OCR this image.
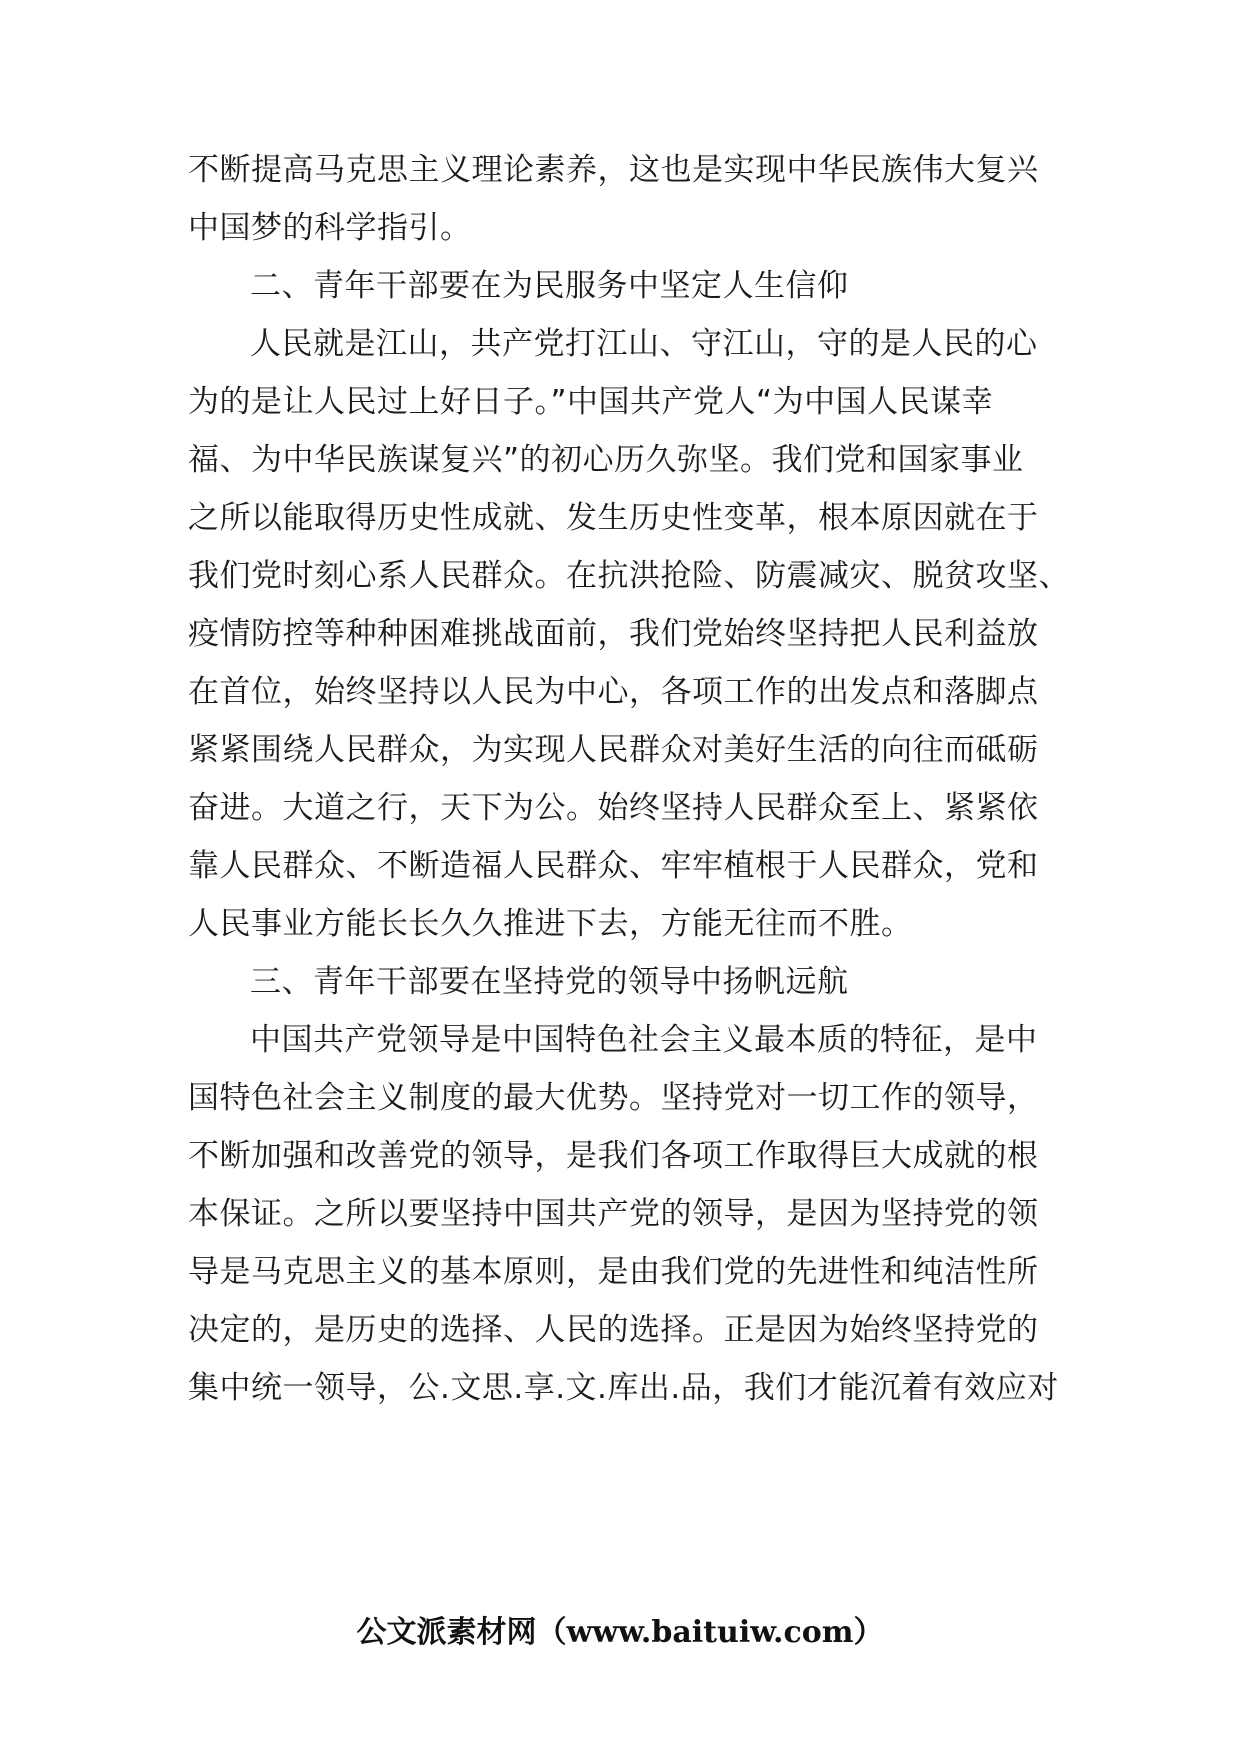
不断提高马克思主义理论素养，这也是实现中华民族伟大复兴
中国梦的科学指引。
二、青年干部要在为民服务中坚定人生信仰
人民就是江山，共产党打江山、守江山，守的是人民的心
为的是让人民过上好日子。”中国共产党人“为中国人民谋幸
福、为中华民族谋复兴”的初心历久弥坚。我们党和国家事业
之所以能取得历史性成就、发生历史性变革，根本原因就在于
我们党时刻心系人民群众。在抗洪抢险、防震减灾、脱贫攻坚、
疫情防控等种种困难挑战面前，我们党始终坚持把人民利益放
在首位，始终坚持以人民为中心，各项工作的出发点和落脚点
紧紧围绕人民群众，为实现人民群众对美好生活的向往而砥砺
奋进。大道之行，天下为公。始终坚持人民群众至上、紧紧依
靠人民群众、不断造福人民群众、牢牢植根于人民群众，党和
人民事业方能长长久久推进下去，方能无往而不胜。
三、青年干部要在坚持党的领导中扬帆远航
中国共产党领导是中国特色社会主义最本质的特征，是中
国特色社会主义制度的最大优势。坚持党对一切工作的领导，
不断加强和改善党的领导，是我们各项工作取得巨大成就的根
本保证。之所以要坚持中国共产党的领导，是因为坚持党的领
导是马克思主义的基本原则，是由我们党的先进性和纯洁性所
决定的，是历史的选择、人民的选择。正是因为始终坚持党的
集中统一领导，公.文思.享.文.库出.品，我们才能沉着有效应对
公文派素材网（www.baituiw.com）
